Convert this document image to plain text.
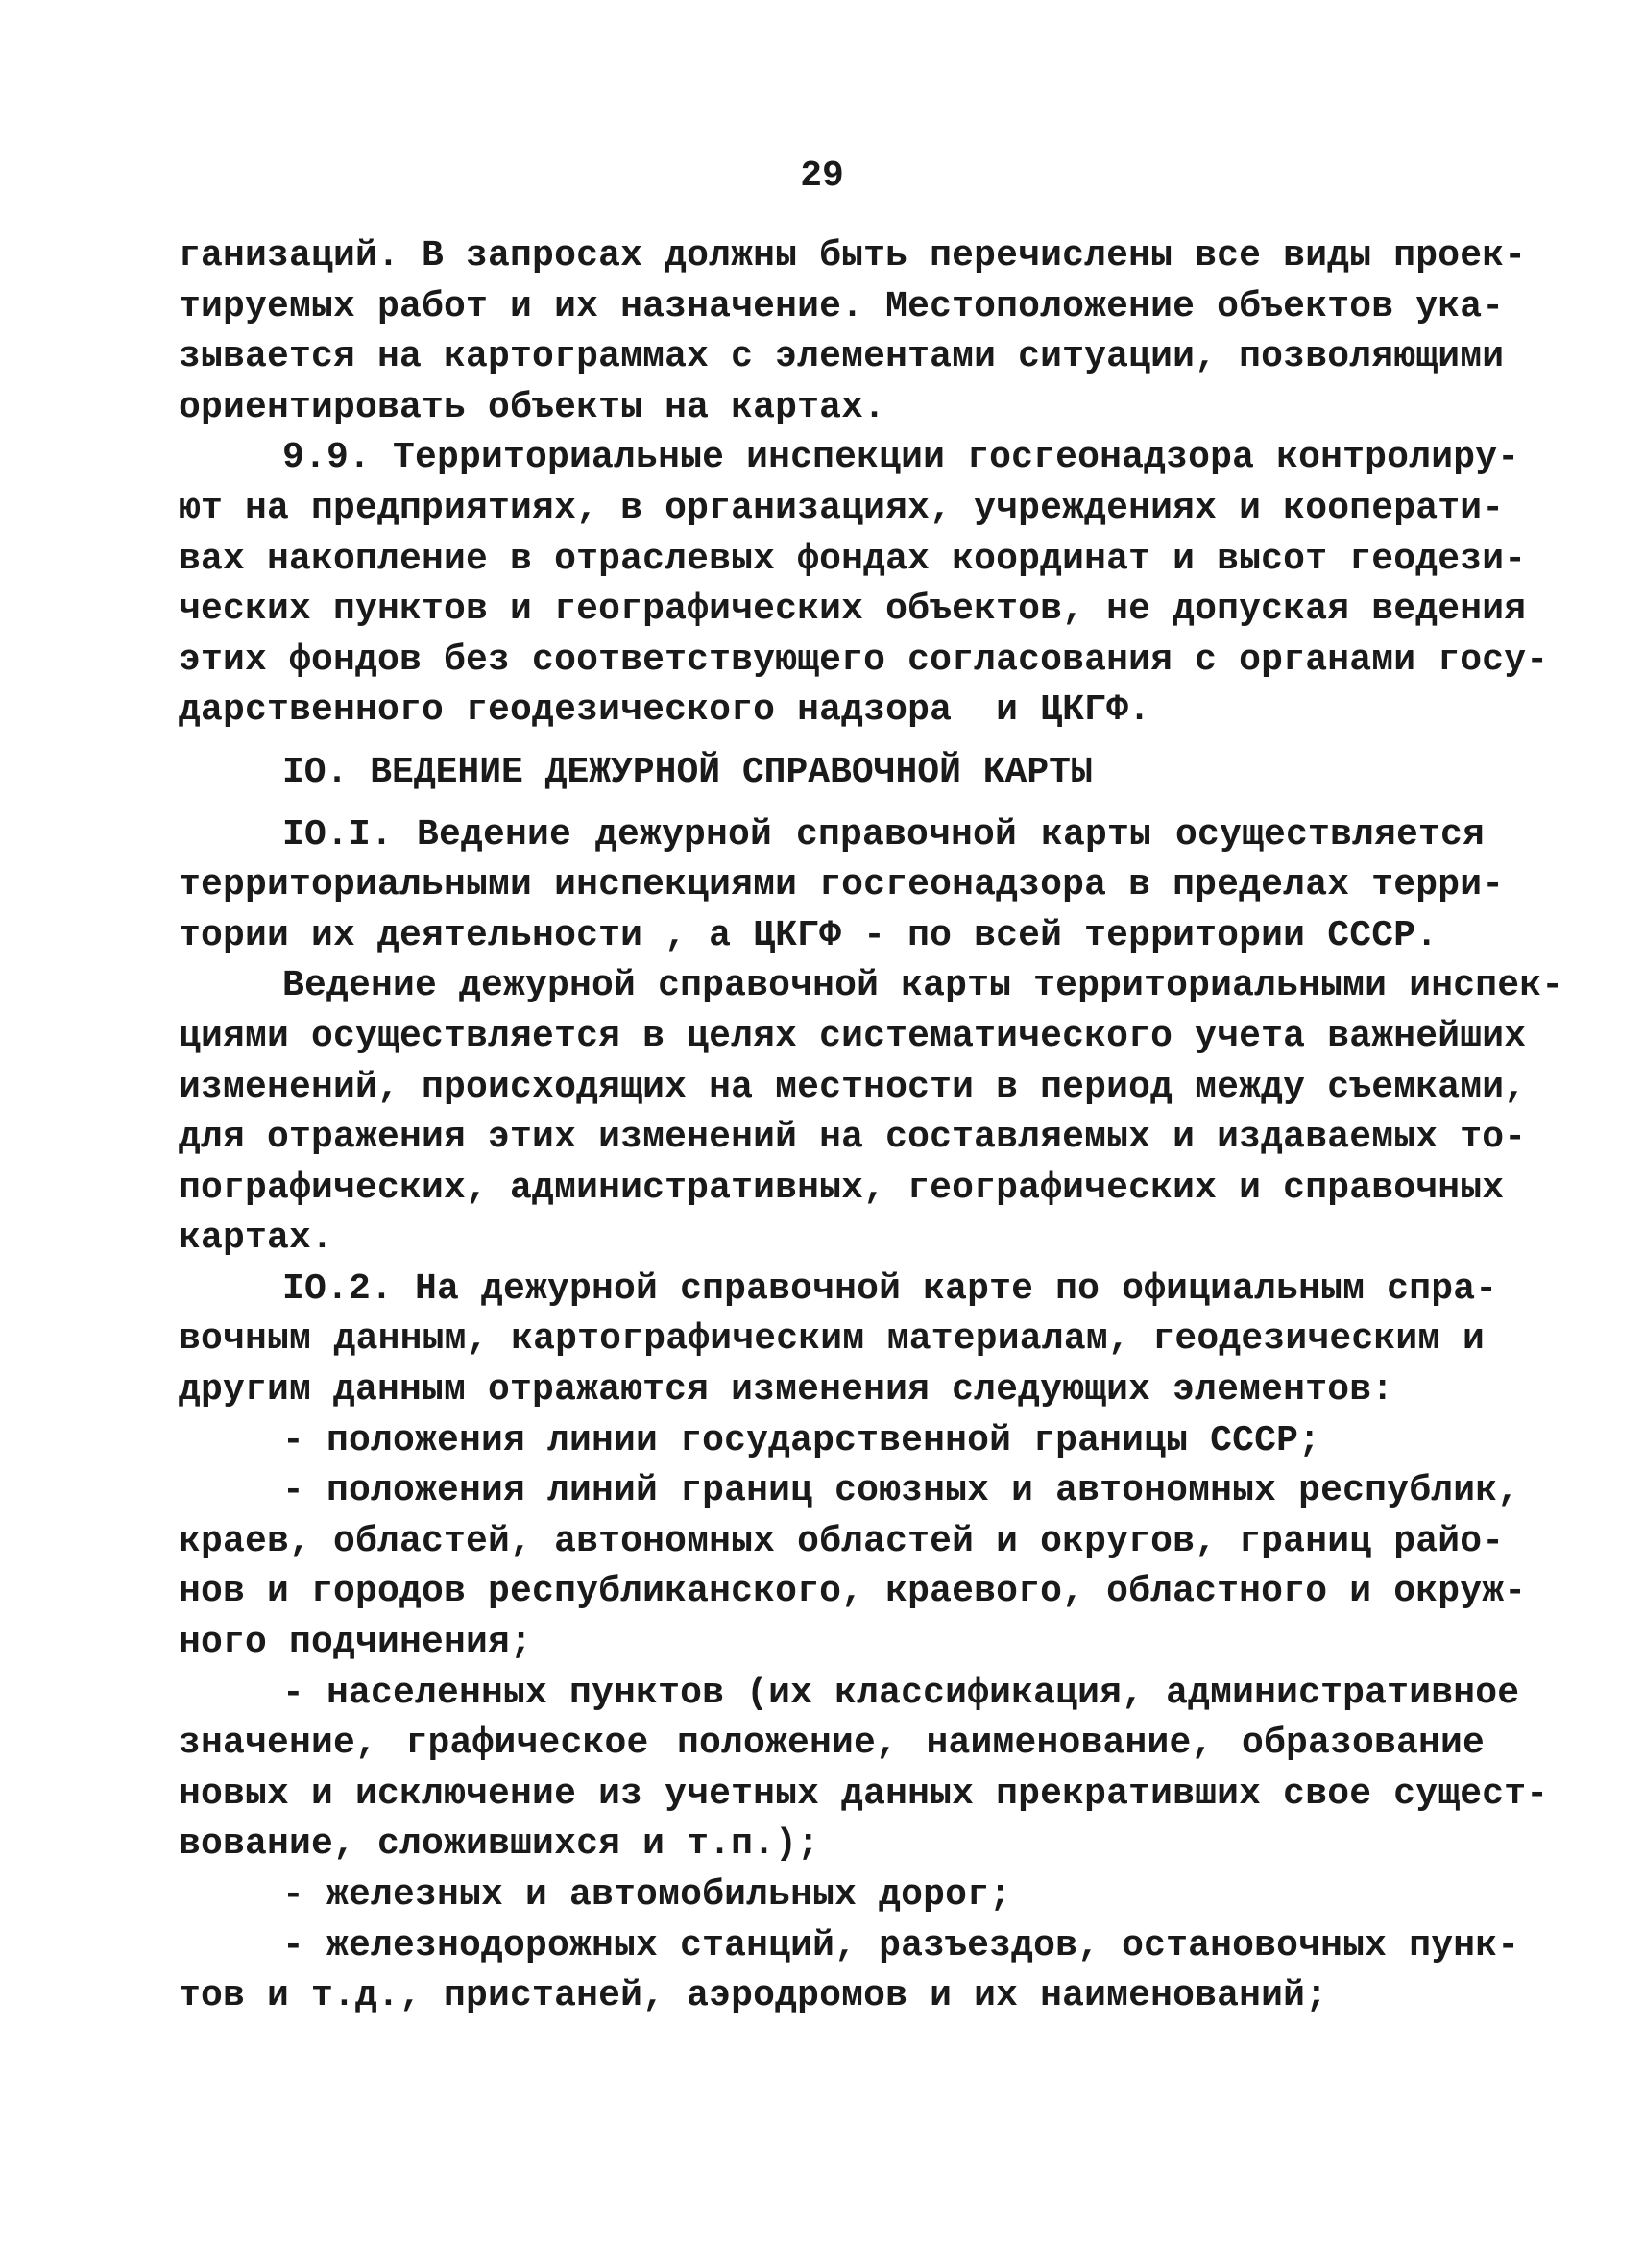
29
ганизаций. В запросах должны быть перечислены все виды проек-
тируемых работ и их назначение. Местоположение объектов ука-
зывается на картограммах с элементами ситуации, позволяющими
ориентировать объекты на картах.
9.9. Территориальные инспекции госгеонадзора контролиру-
ют на предприятиях, в организациях, учреждениях и кооперати-
вах накопление в отраслевых фондах координат и высот геодези-
ческих пунктов и географических объектов, не допуская ведения
этих фондов без соответствующего согласования с органами госу-
дарственного геодезического надзора  и ЦКГФ.
IO. ВЕДЕНИЕ ДЕЖУРНОЙ СПРАВОЧНОЙ КАРТЫ
IO.I. Ведение дежурной справочной карты осуществляется
территориальными инспекциями госгеонадзора в пределах терри-
тории их деятельности , а ЦКГФ - по всей территории СССР.
Ведение дежурной справочной карты территориальными инспек-
циями осуществляется в целях систематического учета важнейших
изменений, происходящих на местности в период между съемками,
для отражения этих изменений на составляемых и издаваемых то-
пографических, административных, географических и справочных
картах.
IO.2. На дежурной справочной карте по официальным спра-
вочным данным, картографическим материалам, геодезическим и
другим данным отражаются изменения следующих элементов:
- положения линии государственной границы СССР;
- положения линий границ союзных и автономных республик,
краев, областей, автономных областей и округов, границ райо-
нов и городов республиканского, краевого, областного и окруж-
ного подчинения;
- населенных пунктов (их классификация, административное
значение, графическое положение, наименование, образование
новых и исключение из учетных данных прекративших свое сущест-
вование, сложившихся и т.п.);
- железных и автомобильных дорог;
- железнодорожных станций, разъездов, остановочных пунк-
тов и т.д., пристаней, аэродромов и их наименований;
